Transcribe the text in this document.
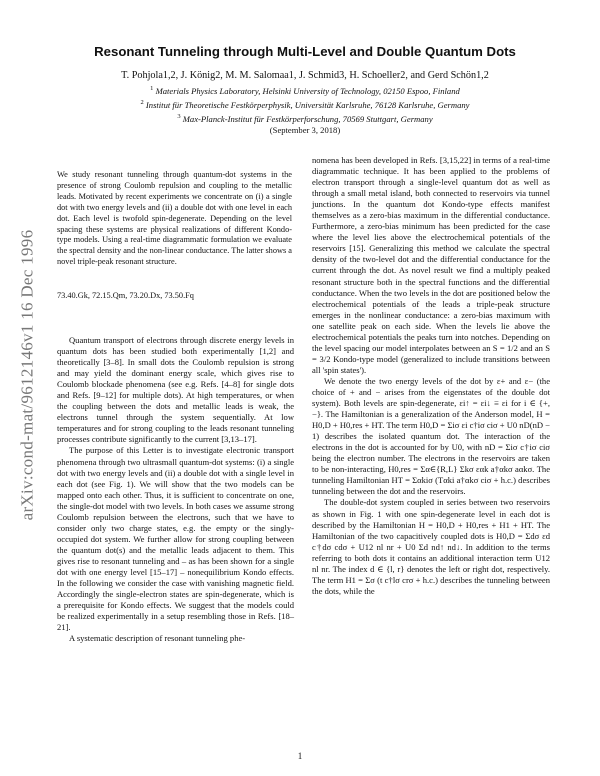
arXiv:cond-mat/9612146v1 16 Dec 1996
Resonant Tunneling through Multi-Level and Double Quantum Dots
T. Pohjola1,2, J. König2, M. M. Salomaa1, J. Schmid3, H. Schoeller2, and Gerd Schön1,2
$^1$ Materials Physics Laboratory, Helsinki University of Technology, 02150 Espoo, Finland
$^2$ Institut für Theoretische Festkörperphysik, Universität Karlsruhe, 76128 Karlsruhe, Germany
$^3$ Max-Planck-Institut für Festkörperforschung, 70569 Stuttgart, Germany
(September 3, 2018)
We study resonant tunneling through quantum-dot systems in the presence of strong Coulomb repulsion and coupling to the metallic leads. Motivated by recent experiments we concentrate on (i) a single dot with two energy levels and (ii) a double dot with one level in each dot. Each level is twofold spin-degenerate. Depending on the level spacing these systems are physical realizations of different Kondo-type models. Using a real-time diagrammatic formulation we evaluate the spectral density and the non-linear conductance. The latter shows a novel triple-peak resonant structure.
73.40.Gk, 72.15.Qm, 73.20.Dx, 73.50.Fq

Quantum transport of electrons through discrete energy levels in quantum dots has been studied both experimentally [1,2] and theoretically [3–8]. In small dots the Coulomb repulsion is strong and may yield the dominant energy scale, which gives rise to Coulomb blockade phenomena (see e.g. Refs. [4–8] for single dots and Refs. [9–12] for multiple dots). At high temperatures, or when the coupling between the dots and metallic leads is weak, the electrons tunnel through the system sequentially. At low temperatures and for strong coupling to the leads resonant tunneling processes contribute significantly to the current [3,13–17].

The purpose of this Letter is to investigate electronic transport phenomena through two ultrasmall quantum-dot systems: (i) a single dot with two energy levels and (ii) a double dot with a single level in each dot (see Fig. 1). We will show that the two models can be mapped onto each other. Thus, it is sufficient to concentrate on one, the single-dot model with two levels. In both cases we assume strong Coulomb repulsion between the electrons, such that we have to consider only two charge states, e.g. the empty or the singly-occupied dot system. We further allow for strong coupling between the quantum dot(s) and the metallic leads adjacent to them. This gives rise to resonant tunneling and – as has been shown for a single dot with one energy level [15–17] – nonequilibrium Kondo effects. In the following we consider the case with vanishing magnetic field. Accordingly the single-electron states are spin-degenerate, which is a prerequisite for Kondo effects. We suggest that the models could be realized experimentally in a setup resembling those in Refs. [18–21].

A systematic description of resonant tunneling phe-

nomena has been developed in Refs. [3,15,22] in terms of a real-time diagrammatic technique. It has been applied to the problems of electron transport through a single-level quantum dot as well as through a small metal island, both connected to reservoirs via tunnel junctions. In the quantum dot Kondo-type effects manifest themselves as a zero-bias maximum in the differential conductance. Furthermore, a zero-bias minimum has been predicted for the case where the level lies above the electrochemical potentials of the reservoirs [15]. Generalizing this method we calculate the spectral density of the two-level dot and the differential conductance for the current through the dot. As novel result we find a multiply peaked resonant structure both in the spectral functions and the differential conductance. When the two levels in the dot are positioned below the electrochemical potentials of the leads a triple-peak structure emerges in the nonlinear conductance: a zero-bias maximum with one satellite peak on each side. When the levels lie above the electrochemical potentials the peaks turn into notches. Depending on the level spacing our model interpolates between an S = 1/2 and an S = 3/2 Kondo-type model (generalized to include transitions between all 'spin states').

We denote the two energy levels of the dot by ε+ and ε− (the choice of + and − arises from the eigenstates of the double dot system). Both levels are spin-degenerate, εi↑ = εi↓ ≡ εi for i ∈ {+, −}. The Hamiltonian is a generalization of the Anderson model, H = H0,D + H0,res + HT. The term H0,D = Σiσ εi c†iσ ciσ + U0 nD(nD − 1) describes the isolated quantum dot. The interaction of the electrons in the dot is accounted for by U0, with nD = Σiσ c†iσ ciσ being the electron number. The electrons in the reservoirs are taken to be non-interacting, H0,res = Σα∈{R,L} Σkσ εαk a†αkσ aαkσ. The tunneling Hamiltonian HT = Σαkiσ (Tαki a†αkσ ciσ + h.c.) describes tunneling between the dot and the reservoirs.

The double-dot system coupled in series between two reservoirs as shown in Fig. 1 with one spin-degenerate level in each dot is described by the Hamiltonian H = H0,D + H0,res + H1 + HT. The Hamiltonian of the two capacitively coupled dots is H0,D = Σdσ εd c†dσ cdσ + U12 nl nr + U0 Σd nd↑ nd↓. In addition to the terms referring to both dots it contains an additional interaction term U12 nl nr. The index d ∈ {l, r} denotes the left or right dot, respectively. The term H1 = Σσ (t c†lσ crσ + h.c.) describes the tunneling between the dots, while the

1
